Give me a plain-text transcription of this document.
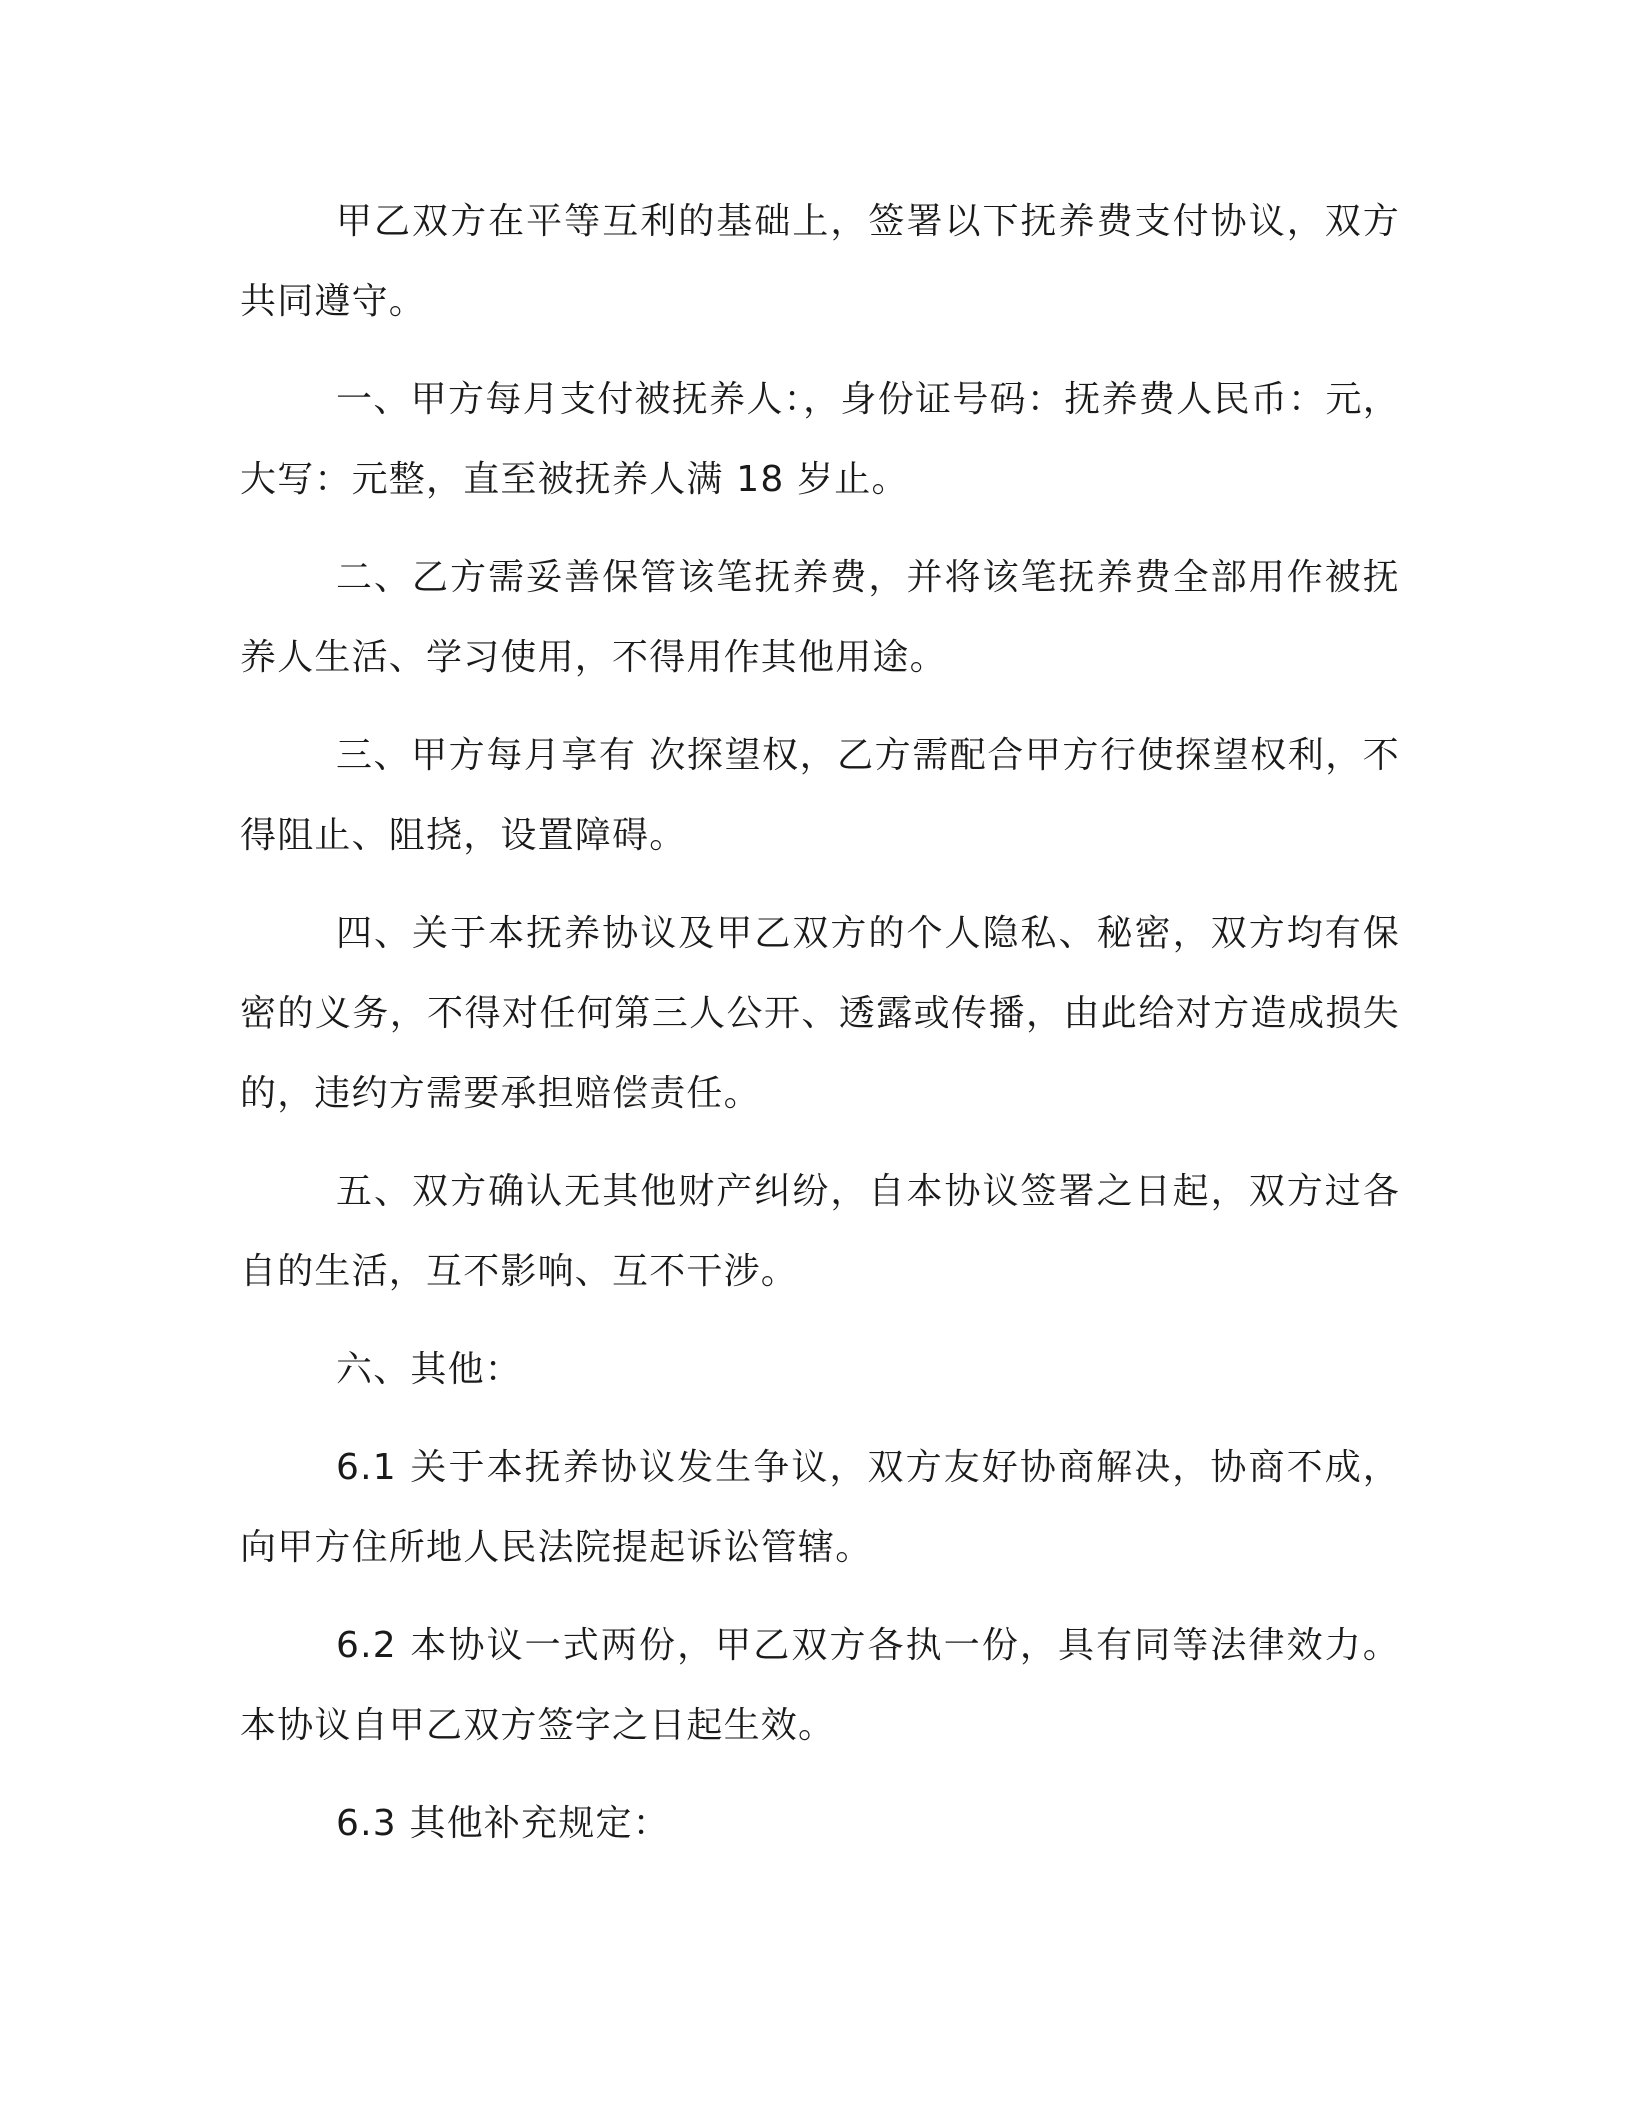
甲乙双方在平等互利的基础上，签署以下抚养费支付协议，双方共同遵守。

一、甲方每月支付被抚养人：，身份证号码：抚养费人民币：元，大写：元整，直至被抚养人满 18 岁止。

二、乙方需妥善保管该笔抚养费，并将该笔抚养费全部用作被抚养人生活、学习使用，不得用作其他用途。

三、甲方每月享有 次探望权，乙方需配合甲方行使探望权利，不得阻止、阻挠，设置障碍。

四、关于本抚养协议及甲乙双方的个人隐私、秘密，双方均有保密的义务，不得对任何第三人公开、透露或传播，由此给对方造成损失的，违约方需要承担赔偿责任。

五、双方确认无其他财产纠纷，自本协议签署之日起，双方过各自的生活，互不影响、互不干涉。

六、其他：

6.1 关于本抚养协议发生争议，双方友好协商解决，协商不成，向甲方住所地人民法院提起诉讼管辖。

6.2 本协议一式两份，甲乙双方各执一份，具有同等法律效力。本协议自甲乙双方签字之日起生效。

6.3 其他补充规定：
